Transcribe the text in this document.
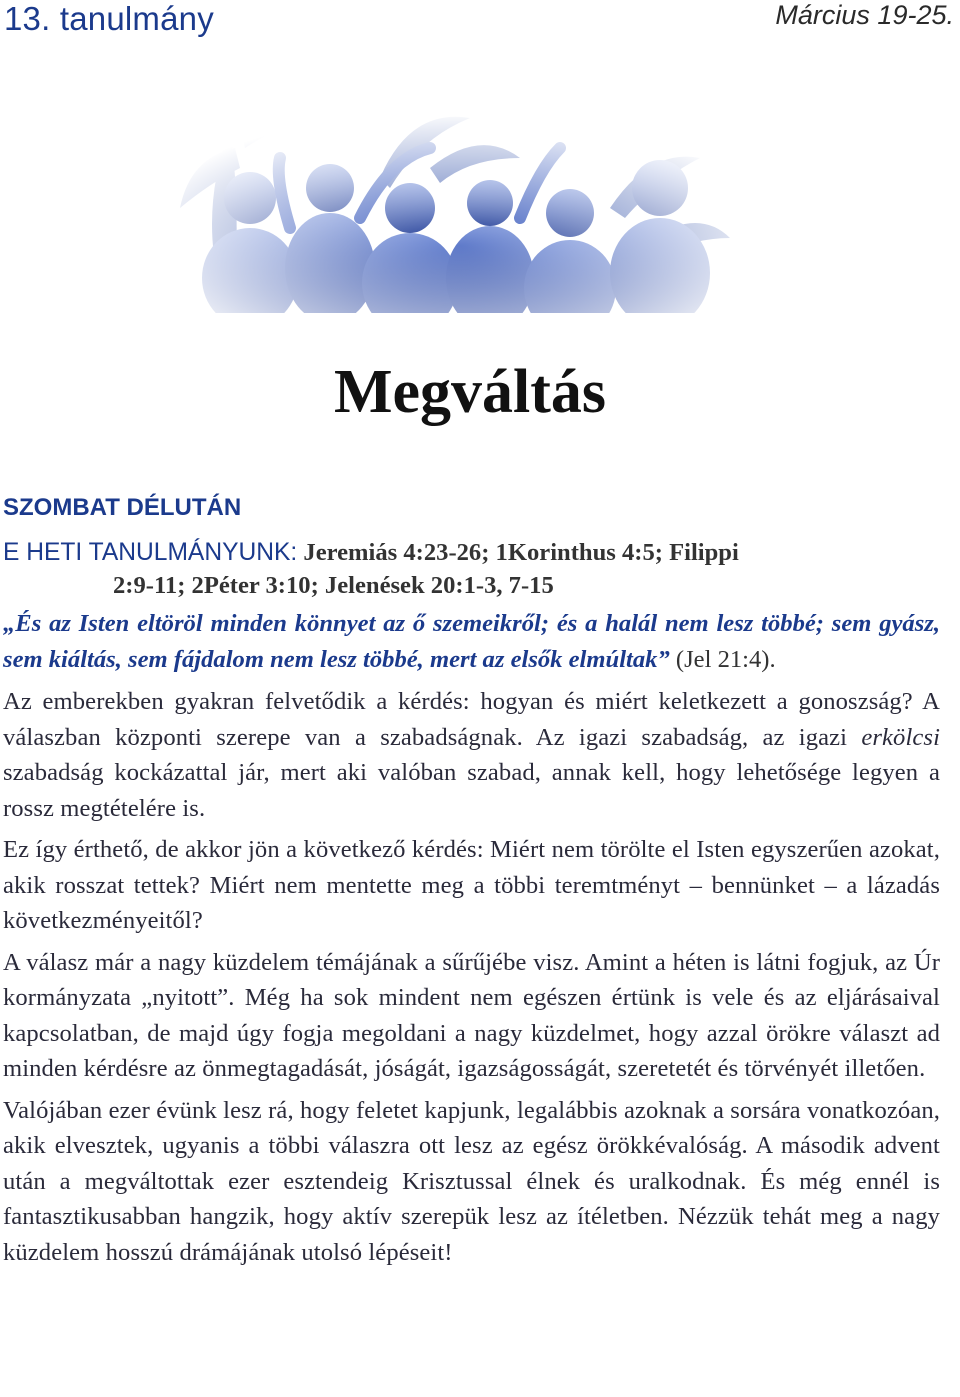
13. tanulmány	Március 19-25.
Megváltás
SZOMBAT DÉLUTÁN
E HETI TANULMÁNYUNK: Jeremiás 4:23-26; 1Korinthus 4:5; Filippi
2:9-11; 2Péter 3:10; Jelenések 20:1-3, 7-15
„És az Isten eltöröl minden könnyet az ő szemeikről; és a halál nem lesz többé; sem gyász, sem kiáltás, sem fájdalom nem lesz többé, mert az elsők elmúltak” (Jel 21:4).

Az emberekben gyakran felvetődik a kérdés: hogyan és miért keletkezett a gonoszság? A válaszban központi szerepe van a szabadságnak. Az igazi szabadság, az igazi erkölcsi szabadság kockázattal jár, mert aki valóban szabad, annak kell, hogy lehetősége legyen a rossz megtételére is.

Ez így érthető, de akkor jön a következő kérdés: Miért nem törölte el Isten egyszerűen azokat, akik rosszat tettek? Miért nem mentette meg a többi teremtményt – bennünket – a lázadás következményeitől?

A válasz már a nagy küzdelem témájának a sűrűjébe visz. Amint a héten is látni fogjuk, az Úr kormányzata „nyitott”. Még ha sok mindent nem egészen értünk is vele és az eljárásaival kapcsolatban, de majd úgy fogja megoldani a nagy küzdelmet, hogy azzal örökre választ ad minden kérdésre az önmegtagadását, jóságát, igazságosságát, szeretetét és törvényét illetően.

Valójában ezer évünk lesz rá, hogy feletet kapjunk, legalábbis azoknak a sorsára vonatkozóan, akik elvesztek, ugyanis a többi válaszra ott lesz az egész örökkévalóság. A második advent után a megváltottak ezer esztendeig Krisztussal élnek és uralkodnak. És még ennél is fantasztikusabban hangzik, hogy aktív szerepük lesz az ítéletben. Nézzük tehát meg a nagy küzdelem hosszú drámájának utolsó lépéseit!
